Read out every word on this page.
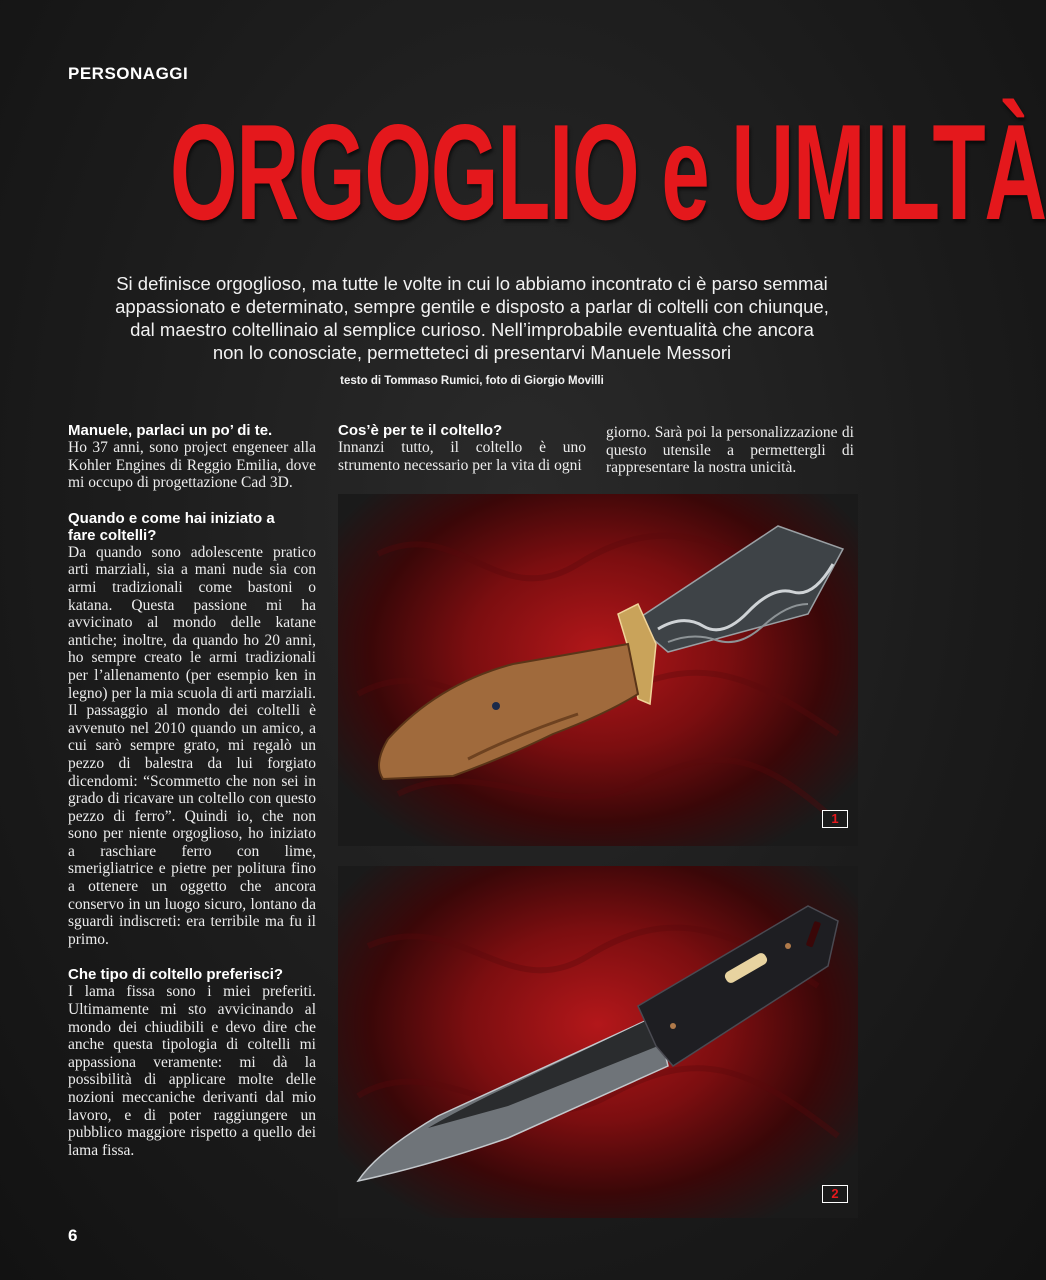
PERSONAGGI
ORGOGLIO e UMILTÀ
Si definisce orgoglioso, ma tutte le volte in cui lo abbiamo incontrato ci è parso semmai
appassionato e determinato, sempre gentile e disposto a parlar di coltelli con chiunque,
dal maestro coltellinaio al semplice curioso. Nell’improbabile eventualità che ancora
non lo conosciate, permetteteci di presentarvi Manuele Messori
testo di Tommaso Rumici, foto di Giorgio Movilli
Manuele, parlaci un po’ di te.

Ho 37 anni, sono project engeneer alla Kohler Engines di Reggio Emilia, dove mi occupo di progettazione Cad 3D.

Quando e come hai iniziato a fare coltelli?

Da quando sono adolescente pratico arti marziali, sia a mani nude sia con armi tradizionali come bastoni o katana. Questa passione mi ha avvicinato al mondo delle katane antiche; inoltre, da quando ho 20 anni, ho sempre creato le armi tradizionali per l’allenamento (per esempio ken in legno) per la mia scuola di arti marziali. Il passaggio al mondo dei coltelli è avvenuto nel 2010 quando un amico, a cui sarò sempre grato, mi regalò un pezzo di balestra da lui forgiato dicendomi: “Scommetto che non sei in grado di ricavare un coltello con questo pezzo di ferro”. Quindi io, che non sono per niente orgoglioso, ho iniziato a raschiare ferro con lime, smerigliatrice e pietre per politura fino a ottenere un oggetto che ancora conservo in un luogo sicuro, lontano da sguardi indiscreti: era terribile ma fu il primo.

Che tipo di coltello preferisci?

I lama fissa sono i miei preferiti. Ultimamente mi sto avvicinando al mondo dei chiudibili e devo dire che anche questa tipologia di coltelli mi appassiona veramente: mi dà la possibilità di applicare molte delle nozioni meccaniche derivanti dal mio lavoro, e di poter raggiungere un pubblico maggiore rispetto a quello dei lama fissa.

Cos’è per te il coltello?

Innanzi tutto, il coltello è uno strumento necessario per la vita di ogni

giorno. Sarà poi la personalizzazione di questo utensile a permettergli di rappresentare la nostra unicità.

1
2
6
